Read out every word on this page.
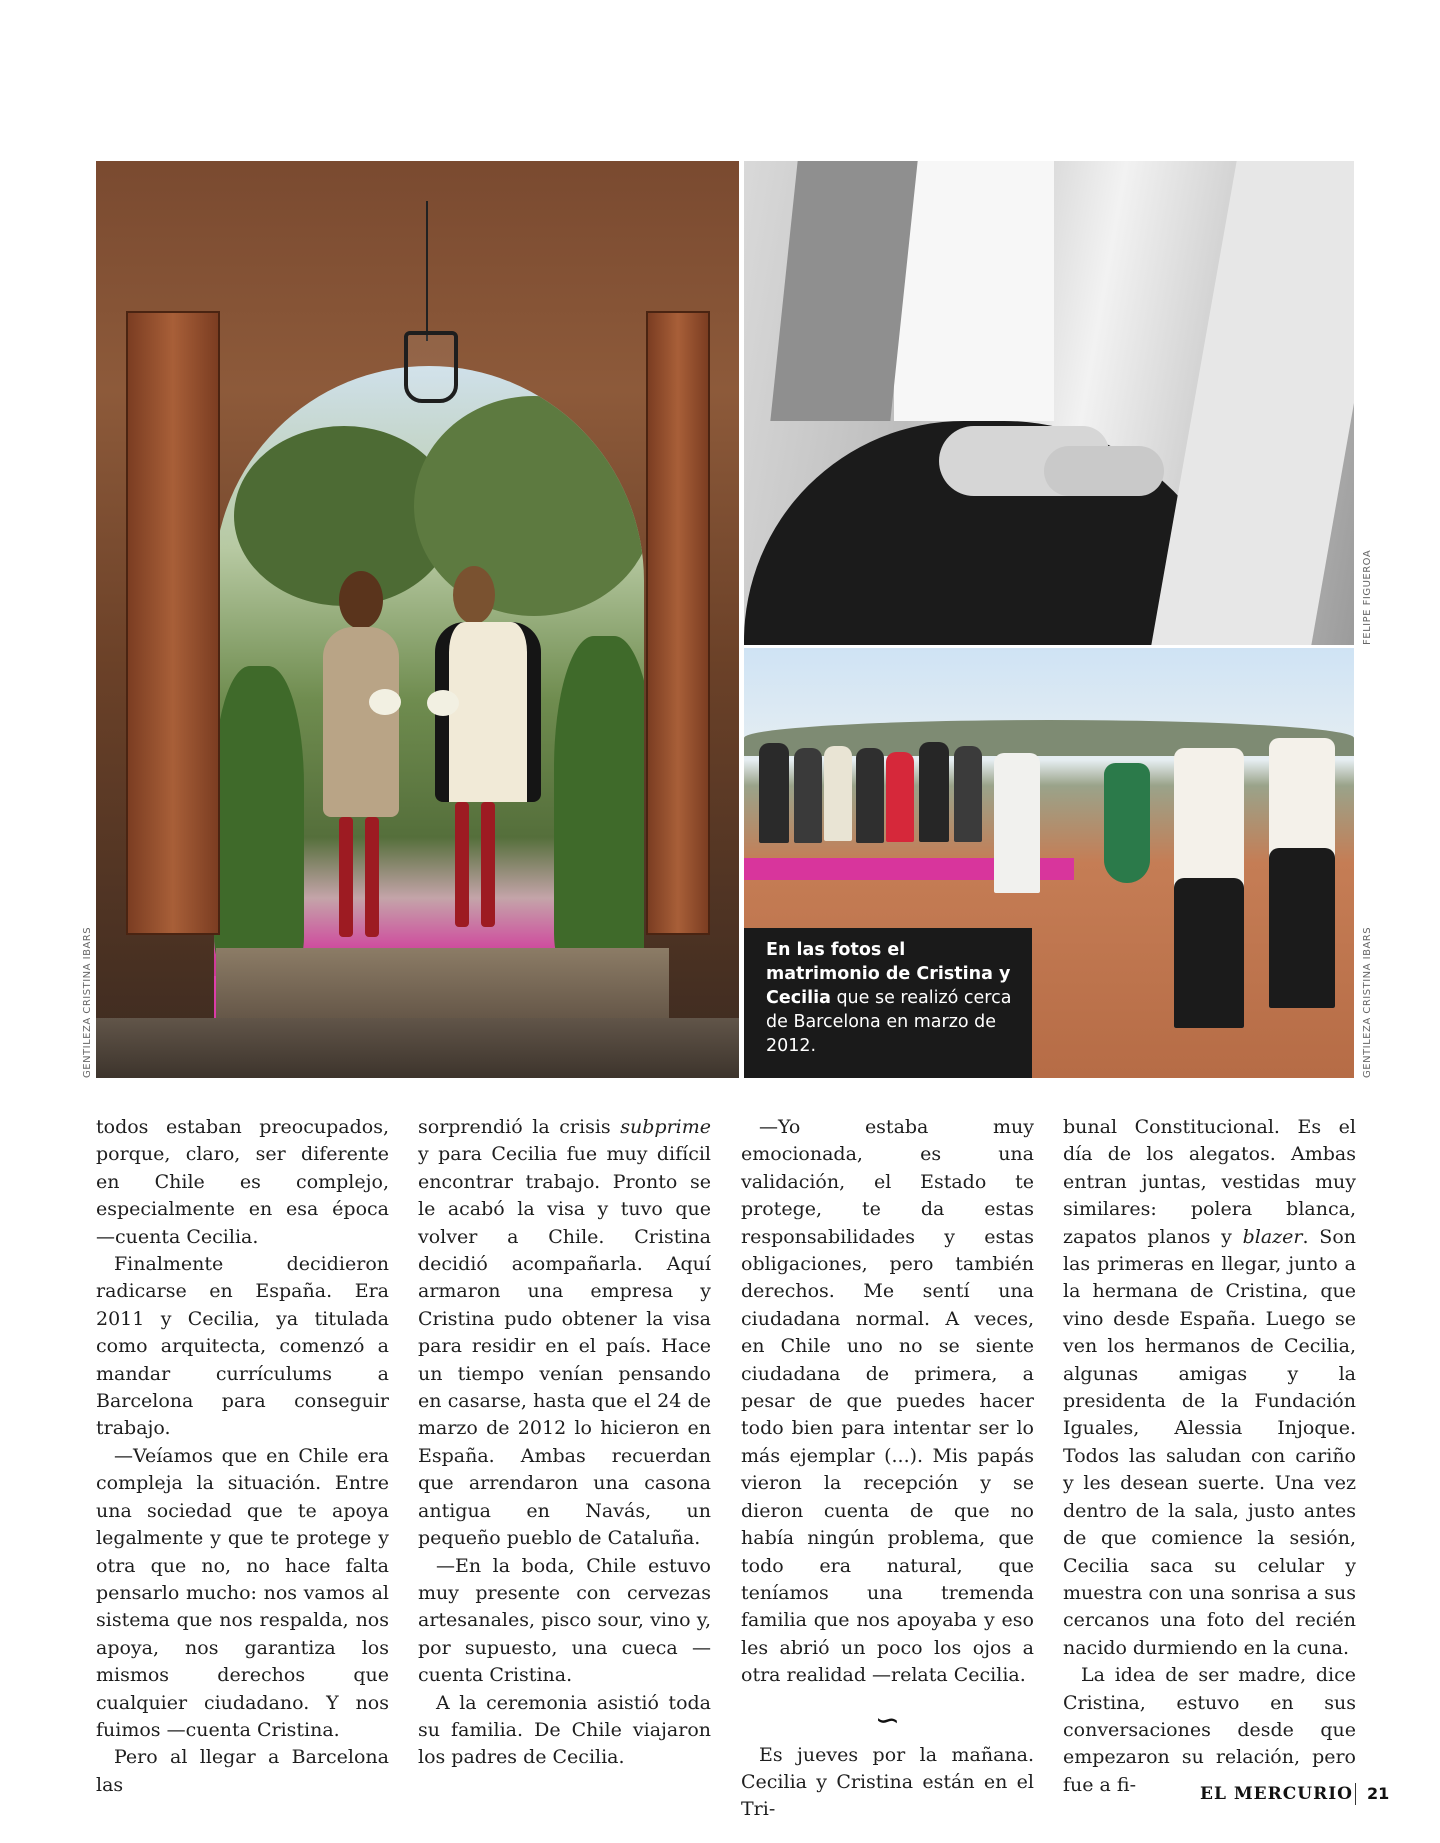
GENTILEZA CRISTINA IBARS
FELIPE FIGUEROA
GENTILEZA CRISTINA IBARS
En las fotos el matrimonio de Cristina y Cecilia que se realizó cerca de Barcelona en marzo de 2012.

todos estaban preocupados, porque, claro, ser diferente en Chile es complejo, especialmente en esa época —cuenta Cecilia.

Finalmente decidieron radicarse en España. Era 2011 y Cecilia, ya titulada como arquitecta, comenzó a mandar currículums a Barcelona para conseguir trabajo.

—Veíamos que en Chile era compleja la situación. Entre una sociedad que te apoya legalmente y que te protege y otra que no, no hace falta pensarlo mucho: nos vamos al sistema que nos respalda, nos apoya, nos garantiza los mismos derechos que cualquier ciudadano. Y nos fuimos —cuenta Cristina.

Pero al llegar a Barcelona las

sorprendió la crisis subprime y para Cecilia fue muy difícil encontrar trabajo. Pronto se le acabó la visa y tuvo que volver a Chile. Cristina decidió acompañarla. Aquí armaron una empresa y Cristina pudo obtener la visa para residir en el país. Hace un tiempo venían pensando en casarse, hasta que el 24 de marzo de 2012 lo hicieron en España. Ambas recuerdan que arrendaron una casona antigua en Navás, un pequeño pueblo de Cataluña.

—En la boda, Chile estuvo muy presente con cervezas artesanales, pisco sour, vino y, por supuesto, una cueca —cuenta Cristina.

A la ceremonia asistió toda su familia. De Chile viajaron los padres de Cecilia.

—Yo estaba muy emocionada, es una validación, el Estado te protege, te da estas responsabilidades y estas obligaciones, pero también derechos. Me sentí una ciudadana normal. A veces, en Chile uno no se siente ciudadana de primera, a pesar de que puedes hacer todo bien para intentar ser lo más ejemplar (...). Mis papás vieron la recepción y se dieron cuenta de que no había ningún problema, que todo era natural, que teníamos una tremenda familia que nos apoyaba y eso les abrió un poco los ojos a otra realidad —relata Cecilia.

∽

Es jueves por la mañana. Cecilia y Cristina están en el Tri-

bunal Constitucional. Es el día de los alegatos. Ambas entran juntas, vestidas muy similares: polera blanca, zapatos planos y blazer. Son las primeras en llegar, junto a la hermana de Cristina, que vino desde España. Luego se ven los hermanos de Cecilia, algunas amigas y la presidenta de la Fundación Iguales, Alessia Injoque. Todos las saludan con cariño y les desean suerte. Una vez dentro de la sala, justo antes de que comience la sesión, Cecilia saca su celular y muestra con una sonrisa a sus cercanos una foto del recién nacido durmiendo en la cuna.

La idea de ser madre, dice Cristina, estuvo en sus conversaciones desde que empezaron su relación, pero fue a fi-	EL MERCURIO 21
